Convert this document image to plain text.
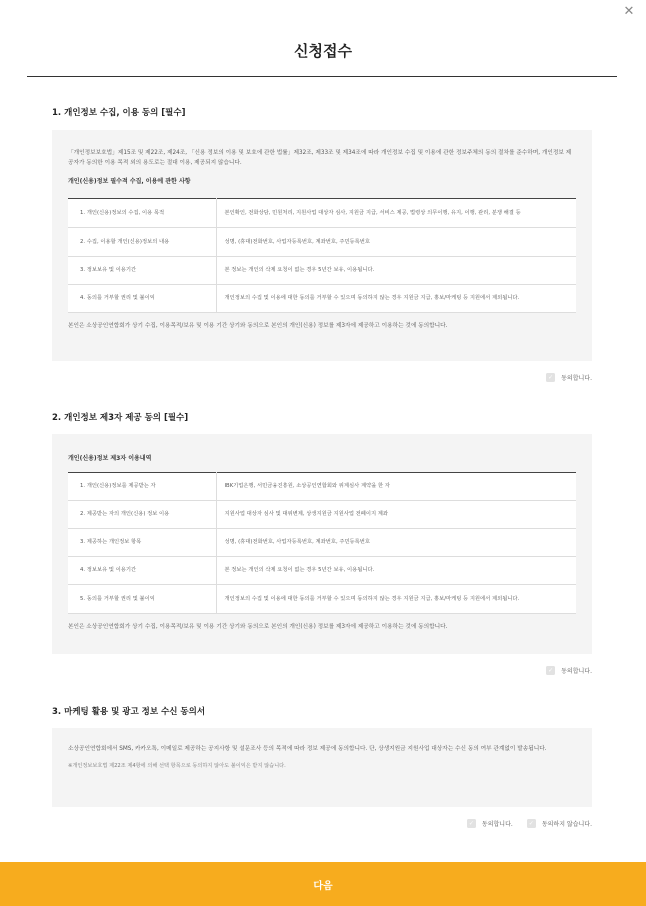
✕
신청접수
1. 개인정보 수집, 이용 동의 [필수]

「개인정보보호법」제15조 및 제22조, 제24조, 「신용 정보의 이용 및 보호에 관한 법률」제32조, 제33조 및 제34조에 따라 개인정보 수집 및 이용에 관한 정보주체의 동의 절차를 준수하며, 개인정보 제공자가 동의한 이용 목적 외의 용도로는 절대 이용, 제공되지 않습니다.

개인(신용)정보 필수적 수집, 이용에 관한 사항
1. 개인(신용)정보의 수집, 이용 목적	본인확인, 전화상담, 민원처리, 지원사업 대상자 심사, 지원금 지급, 서비스 제공, 법령상 의무이행, 유지, 이행, 관리, 분쟁 해결 등
2. 수집, 이용할 개인(신용)정보의 내용	성명, (휴대)전화번호, 사업자등록번호, 계좌번호, 주민등록번호
3. 정보보유 및 이용기간	본 정보는 개인의 삭제 요청이 없는 경우 5년간 보유, 이용됩니다.
4. 동의를 거부할 권리 및 불이익	개인정보의 수집 및 이용에 대한 동의를 거부할 수 있으며 동의하지 않는 경우 지원금 지급, 홍보/마케팅 등 지원에서 제외됩니다.

본인은 소상공인연합회가 상기 수집, 이용목적/보유 및 이용 기간 상기와 동의으로 본인의 개인(신용) 정보를 제3자에 제공하고 이용하는 것에 동의합니다.

✓	동의합니다.
2. 개인정보 제3자 제공 동의 [필수]
개인(신용)정보 제3자 이용내역
1. 개인(신용)정보를 제공받는 자	IBK기업은행, 서민금융진흥원, 소상공인연합회와 위계심사 계약을 한 자
2. 제공받는 자의 개인(신용) 정보 이용	지원사업 대상자 심사 및 대위변제, 상생지원금 지원사업 전폐이지 계좌
3. 제공하는 개인정보 항목	성명, (휴대)전화번호, 사업자등록번호, 계좌번호, 주민등록번호
4. 정보보유 및 이용기간	본 정보는 개인의 삭제 요청이 없는 경우 5년간 보유, 이용됩니다.
5. 동의를 거부할 권리 및 불이익	개인정보의 수집 및 이용에 대한 동의를 거부할 수 있으며 동의하지 않는 경우 지원금 지급, 홍보/마케팅 등 지원에서 제외됩니다.

본인은 소상공인연합회가 상기 수집, 이용목적/보유 및 이용 기간 상기와 동의으로 본인의 개인(신용) 정보를 제3자에 제공하고 이용하는 것에 동의합니다.

✓	동의합니다.
3. 마케팅 활용 및 광고 정보 수신 동의서

소상공인연합회에서 SMS, 카카오톡, 이메일로 제공하는 공지사항 및 설문조사 등의 목적에 따라 정보 제공에 동의합니다. 단, 상생지원금 지원사업 대상자는 수신 동의 여부 관계없이 발송됩니다.

※개인정보보호법 제22조 제4항에 의해 선택 항목으로 동의하지 않아도 불이익은 받지 않습니다.

✓	동의합니다.	✓	동의하지 않습니다.
다음
